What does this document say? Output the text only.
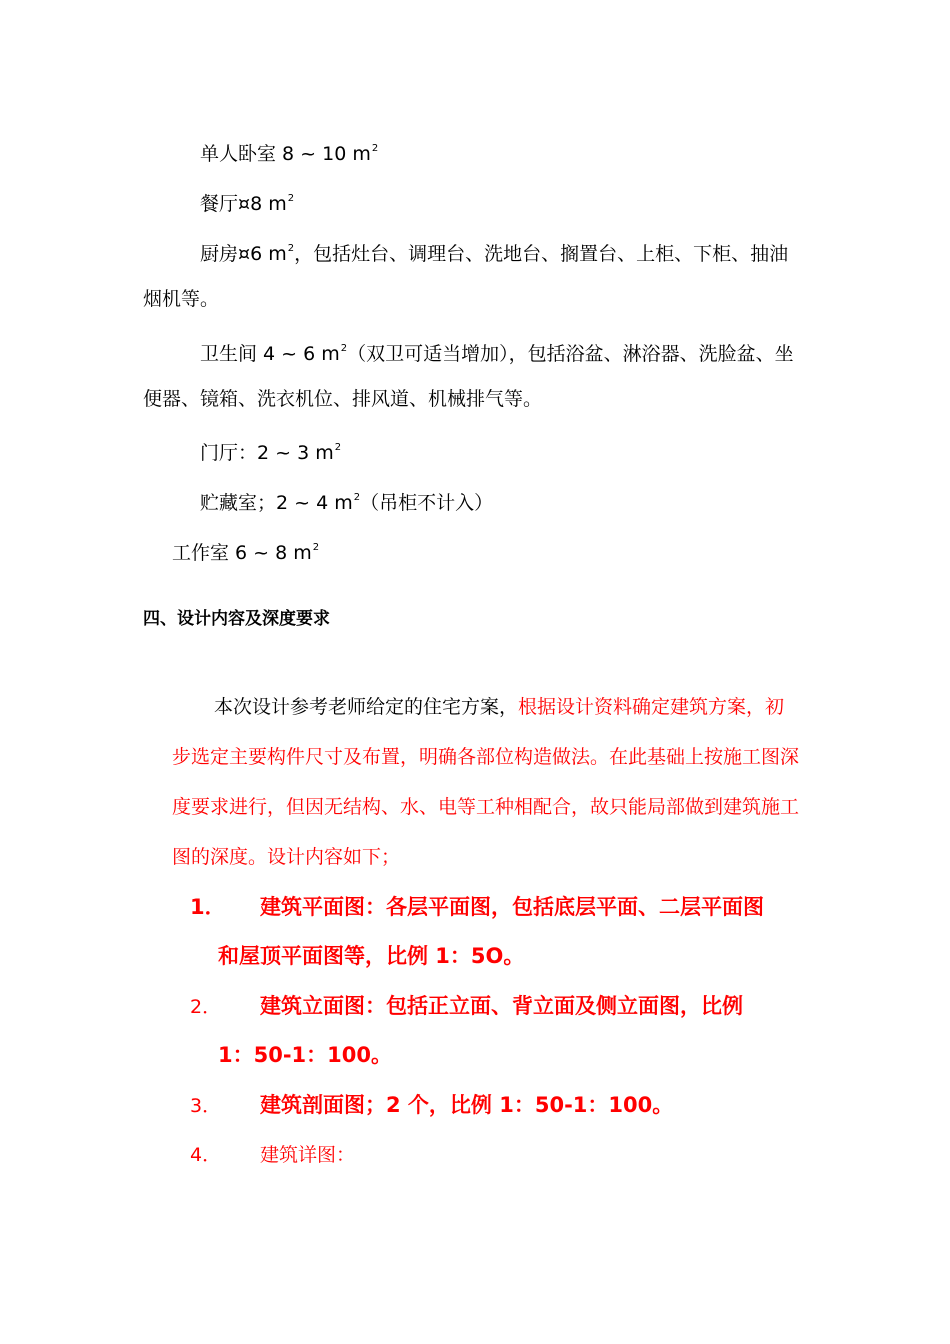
单人卧室 8 ~ 10 $m^2$
餐厅¤8 $m^2$
厨房¤6 $m^2$，包括灶台、调理台、洗地台、搁置台、上柜、下柜、抽油
烟机等。
卫生间 4 ~ 6 $m^2$（双卫可适当增加），包括浴盆、淋浴器、洗脸盆、坐
便器、镜箱、洗衣机位、排风道、机械排气等。
门厅：2 ~ 3 $m^2$
贮藏室；2 ~ 4 $m^2$（吊柜不计入）
工作室 6 ~ 8 $m^2$
四、设计内容及深度要求
本次设计参考老师给定的住宅方案，根据设计资料确定建筑方案，初
步选定主要构件尺寸及布置，明确各部位构造做法。在此基础上按施工图深
度要求进行，但因无结构、水、电等工种相配合，故只能局部做到建筑施工
图的深度。设计内容如下；
1． 建筑平面图：各层平面图，包括底层平面、二层平面图
和屋顶平面图等，比例 1：5O。
2． 建筑立面图：包括正立面、背立面及侧立面图，比例
1：50-1：100。
3． 建筑剖面图；2 个，比例 1：50-1：100。
4． 建筑详图：
